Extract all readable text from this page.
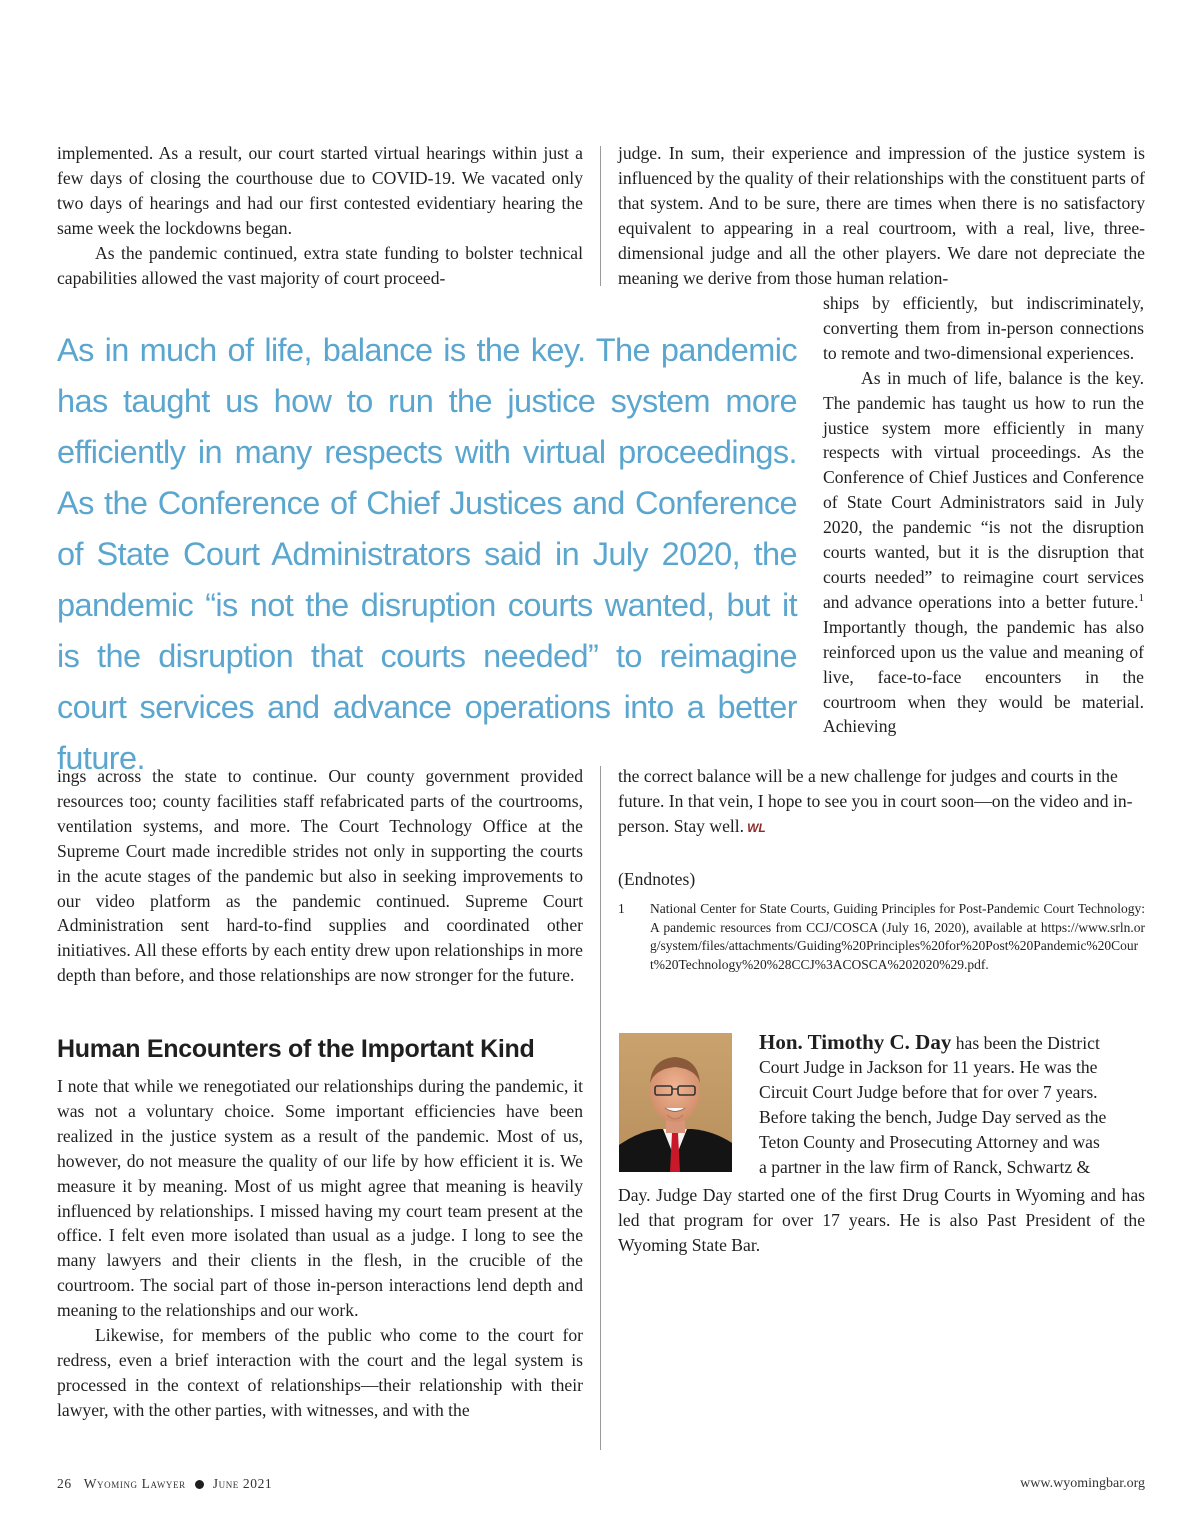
implemented. As a result, our court started virtual hearings within just a few days of closing the courthouse due to COVID-19. We vacated only two days of hearings and had our first contested evidentiary hearing the same week the lockdowns began.

As the pandemic continued, extra state funding to bolster technical capabilities allowed the vast majority of court proceed-

judge. In sum, their experience and impression of the justice system is influenced by the quality of their relationships with the constituent parts of that system. And to be sure, there are times when there is no satisfactory equivalent to appearing in a real courtroom, with a real, live, three-dimensional judge and all the other players. We dare not depreciate the meaning we derive from those human relation-

As in much of life, balance is the key. The pandemic has taught us how to run the justice system more efficiently in many respects with virtual proceedings. As the Conference of Chief Justices and Conference of State Court Administrators said in July 2020, the pandemic “is not the disruption courts wanted, but it is the disruption that courts needed” to reimagine court services and advance operations into a better future.

ships by efficiently, but indiscriminately, converting them from in-person connections to remote and two-dimensional experiences.

As in much of life, balance is the key. The pandemic has taught us how to run the justice system more efficiently in many respects with virtual proceedings. As the Conference of Chief Justices and Conference of State Court Administrators said in July 2020, the pandemic “is not the disruption courts wanted, but it is the disruption that courts needed” to reimagine court services and advance operations into a better future.$^1$ Importantly though, the pandemic has also reinforced upon us the value and meaning of live, face-to-face encounters in the courtroom when they would be material. Achieving

the correct balance will be a new challenge for judges and courts in the future. In that vein, I hope to see you in court soon—on the video and in-person. Stay well. WL

ings across the state to continue. Our county government provided resources too; county facilities staff refabricated parts of the courtrooms, ventilation systems, and more. The Court Technology Office at the Supreme Court made incredible strides not only in supporting the courts in the acute stages of the pandemic but also in seeking improvements to our video platform as the pandemic continued. Supreme Court Administration sent hard-to-find supplies and coordinated other initiatives. All these efforts by each entity drew upon relationships in more depth than before, and those relationships are now stronger for the future.

Human Encounters of the Important Kind

I note that while we renegotiated our relationships during the pandemic, it was not a voluntary choice. Some important efficiencies have been realized in the justice system as a result of the pandemic. Most of us, however, do not measure the quality of our life by how efficient it is. We measure it by meaning. Most of us might agree that meaning is heavily influenced by relationships. I missed having my court team present at the office. I felt even more isolated than usual as a judge. I long to see the many lawyers and their clients in the flesh, in the crucible of the courtroom. The social part of those in-person interactions lend depth and meaning to the relationships and our work.

Likewise, for members of the public who come to the court for redress, even a brief interaction with the court and the legal system is processed in the context of relationships—their relationship with their lawyer, with the other parties, with witnesses, and with the

(Endnotes)

1 National Center for State Courts, Guiding Principles for Post-Pandemic Court Technology: A pandemic resources from CCJ/COSCA (July 16, 2020), available at https://www.srln.org/system/files/attachments/Guiding%20Principles%20for%20Post%20Pandemic%20Court%20Technology%20%28CCJ%3ACOSCA%202020%29.pdf.

Hon. Timothy C. Day has been the District

Court Judge in Jackson for 11 years. He was the

Circuit Court Judge before that for over 7 years.

Before taking the bench, Judge Day served as the

Teton County and Prosecuting Attorney and was

a partner in the law firm of Ranck, Schwartz &

Day. Judge Day started one of the first Drug Courts in Wyoming and has led that program for over 17 years. He is also Past President of the Wyoming State Bar.

26 Wyoming Lawyer June 2021	www.wyomingbar.org
